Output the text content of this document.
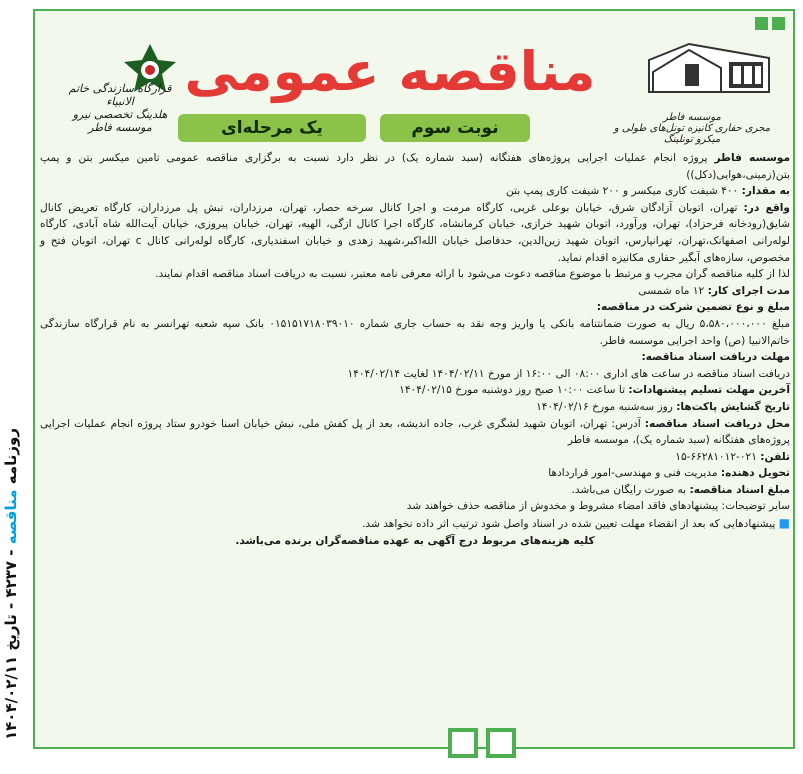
موسسه فاطر
مجری حفاری کانیزه تونل‌های طولی و میکرو تونلینگ
قرارگاه سازندگی خاتم الانبیاء
هلدینگ تخصصی نیرو
موسسه فاطر
مناقصه عمومی
نوبت سوم
یک مرحله‌ای

موسسه فاطر پروژه انجام عملیات اجرایی پروژه‌های هفتگانه (سبد شماره یک) در نظر دارد نسبت به برگزاری مناقصه عمومی تامین میکسر بتن و پمپ بتن(زمینی،هوایی(دکل))

به مقدار: ۴۰۰ شیفت کاری میکسر و ۲۰۰ شیفت کاری پمپ بتن

واقع در: تهران، اتوبان آزادگان شرق، خیابان بوعلی غربی، کارگاه مرمت و اجرا کانال سرخه حصار، تهران، مرزداران، نبش پل مرزداران، کارگاه تعریض کانال شایق(رودخانه فرحزاد)، تهران، ورآورد، اتوبان شهید خرازی، خیابان کرمانشاه، کارگاه اجرا کانال ازگی، الهیه، تهران، خیابان پیروزی، خیابان آیت‌الله شاه آبادی، کارگاه لوله‌رانی اصفهانک،تهران، تهرانپارس، اتوبان شهید زین‌الدین، حدفاصل خیابان الله‌اکبر،شهید زهدی و خیابان اسفندیاری، کارگاه لوله‌رانی کانال c تهران، اتوبان فتح و مخصوص، سازه‌های آبگیر حفاری مکانیزه اقدام نماید.

لذا از کلیه مناقصه گران مجرب و مرتبط با موضوع مناقصه دعوت می‌شود با ارائه معرفی نامه معتبر، نسبت به دریافت اسناد مناقصه اقدام نمایند.

مدت اجرای کار: ۱۲ ماه شمسی

مبلغ و نوع تضمین شرکت در مناقصه:

مبلغ ۵،۵۸۰،۰۰۰،۰۰۰ ریال به صورت ضمانتنامه بانکی یا واریز وجه نقد به حساب جاری شماره ۰۱۵۱۵۱۷۱۸۰۳۹۰۱۰ بانک سپه شعبه تهرانسر به نام قرارگاه سازندگی خاتم‌الانبیا (ص) واحد اجرایی موسسه فاطر.

مهلت دریافت اسناد مناقصه:

دریافت اسناد مناقصه در ساعت های اداری ۰۸:۰۰ الی ۱۶:۰۰ از مورخ ۱۴۰۴/۰۲/۱۱ لغایت ۱۴۰۴/۰۲/۱۴

آخرین مهلت تسلیم پیشنهادات: تا ساعت ۱۰:۰۰ صبح روز دوشنبه مورخ ۱۴۰۴/۰۲/۱۵

تاریخ گشایش پاکت‌ها: روز سه‌شنبه مورخ ۱۴۰۴/۰۲/۱۶

محل دریافت اسناد مناقصه: آدرس: تهران، اتوبان شهید لشگری غرب، جاده اندیشه، بعد از پل کفش ملی، نبش خیابان اسنا خودرو ستاد پروژه انجام عملیات اجرایی پروژه‌های هفتگانه (سبد شماره یک)، موسسه فاطر

تلفن: ۰۲۱-۶۶۲۸۱۰۱۲-۱۵

تحویل دهنده: مدیریت فنی و مهندسی-امور قراردادها

مبلغ اسناد مناقصه: به صورت رایگان می‌باشد.

سایر توضیحات: پیشنهادهای فاقد امضاء مشروط و مخدوش از مناقصه حذف خواهند شد

■ پیشنهادهایی که بعد از انقضاء مهلت تعیین شده در اسناد واصل شود ترتیب اثر داده نخواهد شد.

کلیه هزینه‌های مربوط درج آگهی به عهده مناقصه‌گران برنده می‌باشد.

روزنامه مناقصه - ۴۲۳۷ - تاریخ ۱۴۰۴/۰۲/۱۱
